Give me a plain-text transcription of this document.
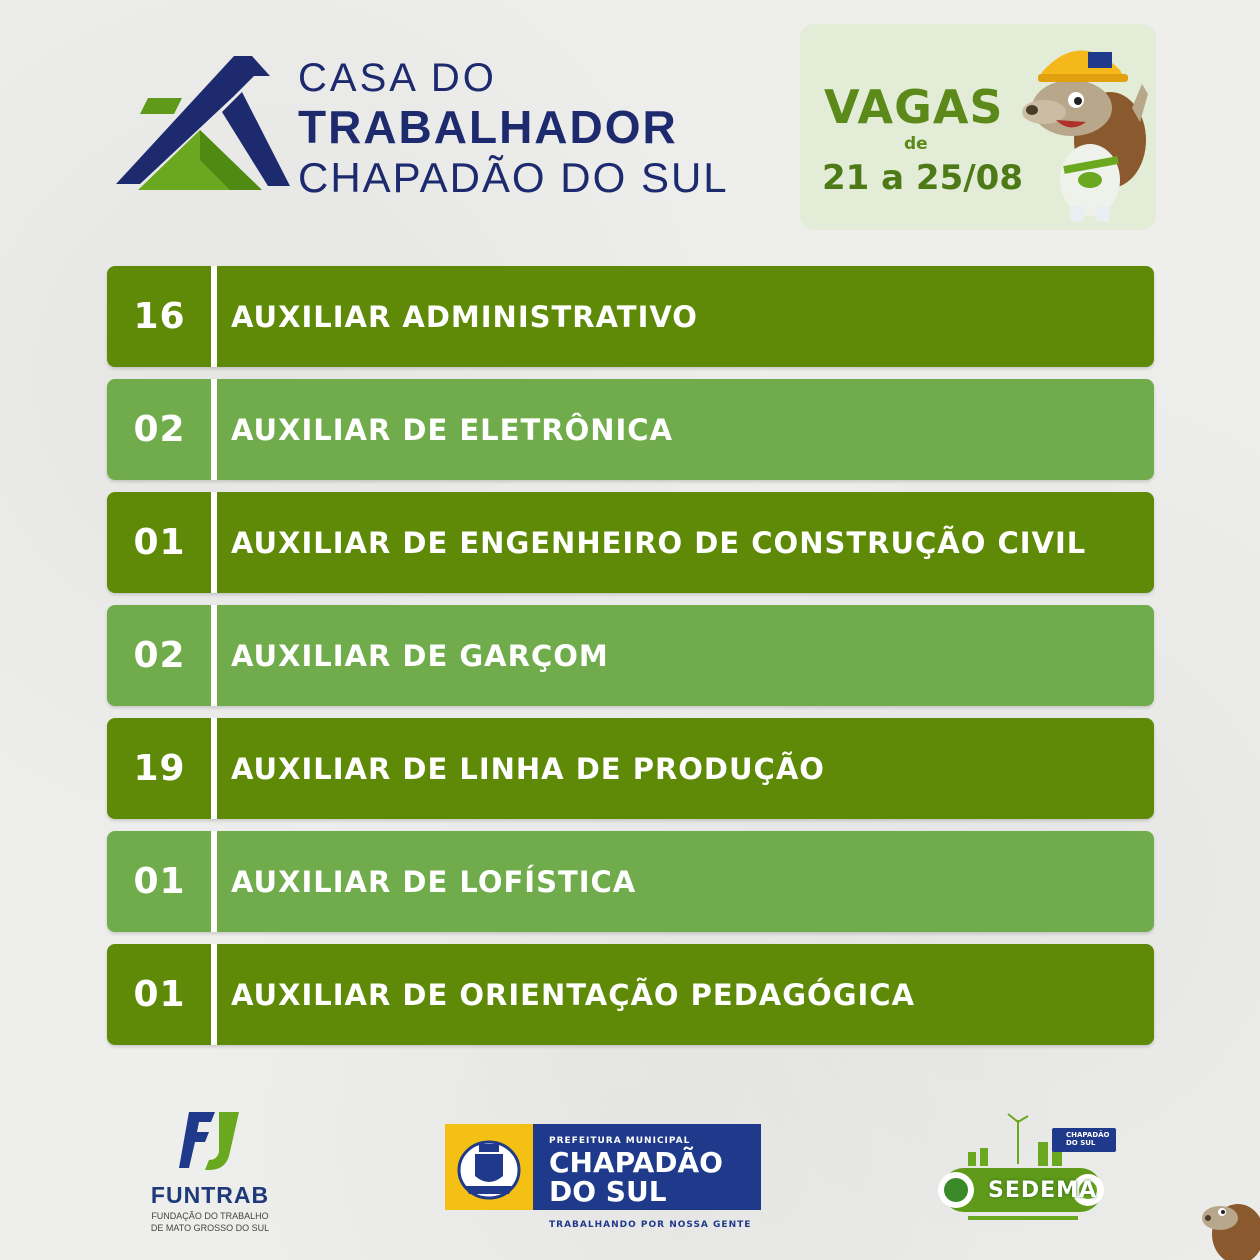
CASA DO
TRABALHADOR
CHAPADÃO DO SUL
VAGAS
de
21 a 25/08
16	AUXILIAR ADMINISTRATIVO
02	AUXILIAR DE ELETRÔNICA
01	AUXILIAR DE ENGENHEIRO DE CONSTRUÇÃO CIVIL
02	AUXILIAR DE GARÇOM
19	AUXILIAR DE LINHA DE PRODUÇÃO
01	AUXILIAR DE LOFÍSTICA
01	AUXILIAR DE ORIENTAÇÃO PEDAGÓGICA
FUNTRAB
FUNDAÇÃO DO TRABALHO
DE MATO GROSSO DO SUL
PREFEITURA MUNICIPAL
CHAPADÃO
DO SUL
TRABALHANDO POR NOSSA GENTE
SEDEMA
CHAPADÃO
DO SUL
